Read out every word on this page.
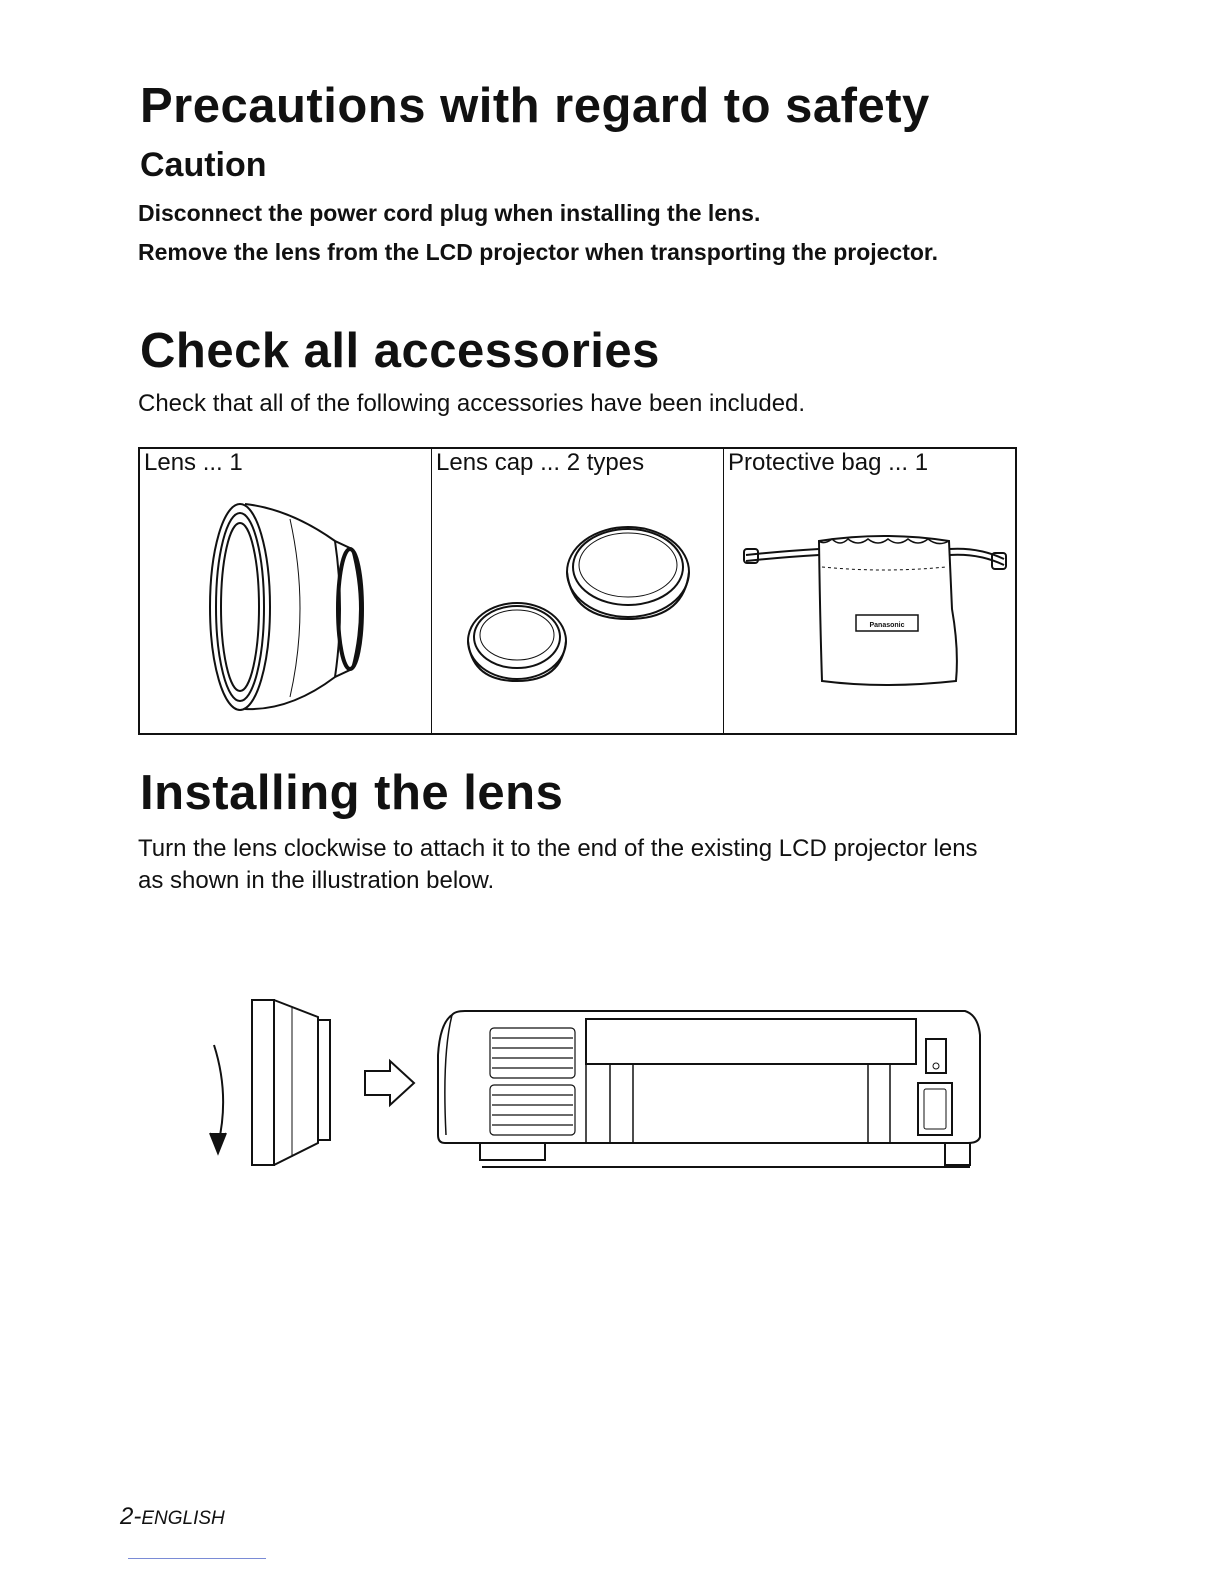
Precautions with regard to safety
Caution

Disconnect the power cord plug when installing the lens.

Remove the lens from the LCD projector when transporting the projector.

Check all accessories

Check that all of the following accessories have been included.

Lens ... 1	Lens cap ... 2 types	Protective bag ... 1
Panasonic
Installing the lens

Turn the lens clockwise to attach it to the end of the existing LCD projector lens as shown in the illustration below.

2-ENGLISH
